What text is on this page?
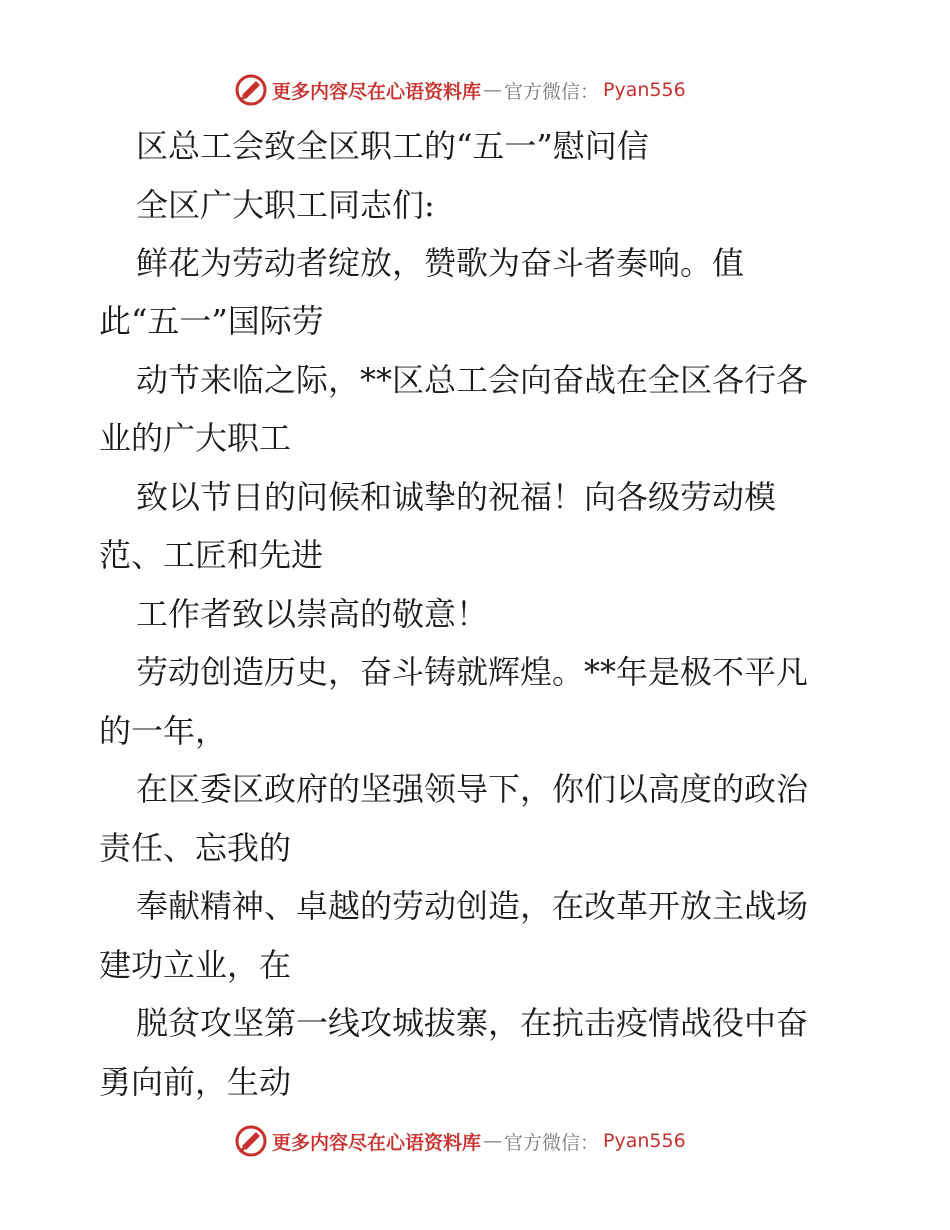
更多内容尽在心语资料库 — 官方微信： Pyan556
区总工会致全区职工的“五一”慰问信
全区广大职工同志们:
鲜花为劳动者绽放，赞歌为奋斗者奏响。值
此“五一”国际劳
动节来临之际，**区总工会向奋战在全区各行各
业的广大职工
致以节日的问候和诚挚的祝福！向各级劳动模
范、工匠和先进
工作者致以崇高的敬意！
劳动创造历史，奋斗铸就辉煌。**年是极不平凡
的一年，
在区委区政府的坚强领导下，你们以高度的政治
责任、忘我的
奉献精神、卓越的劳动创造，在改革开放主战场
建功立业，在
脱贫攻坚第一线攻城拔寨，在抗击疫情战役中奋
勇向前，生动
更多内容尽在心语资料库 — 官方微信： Pyan556
